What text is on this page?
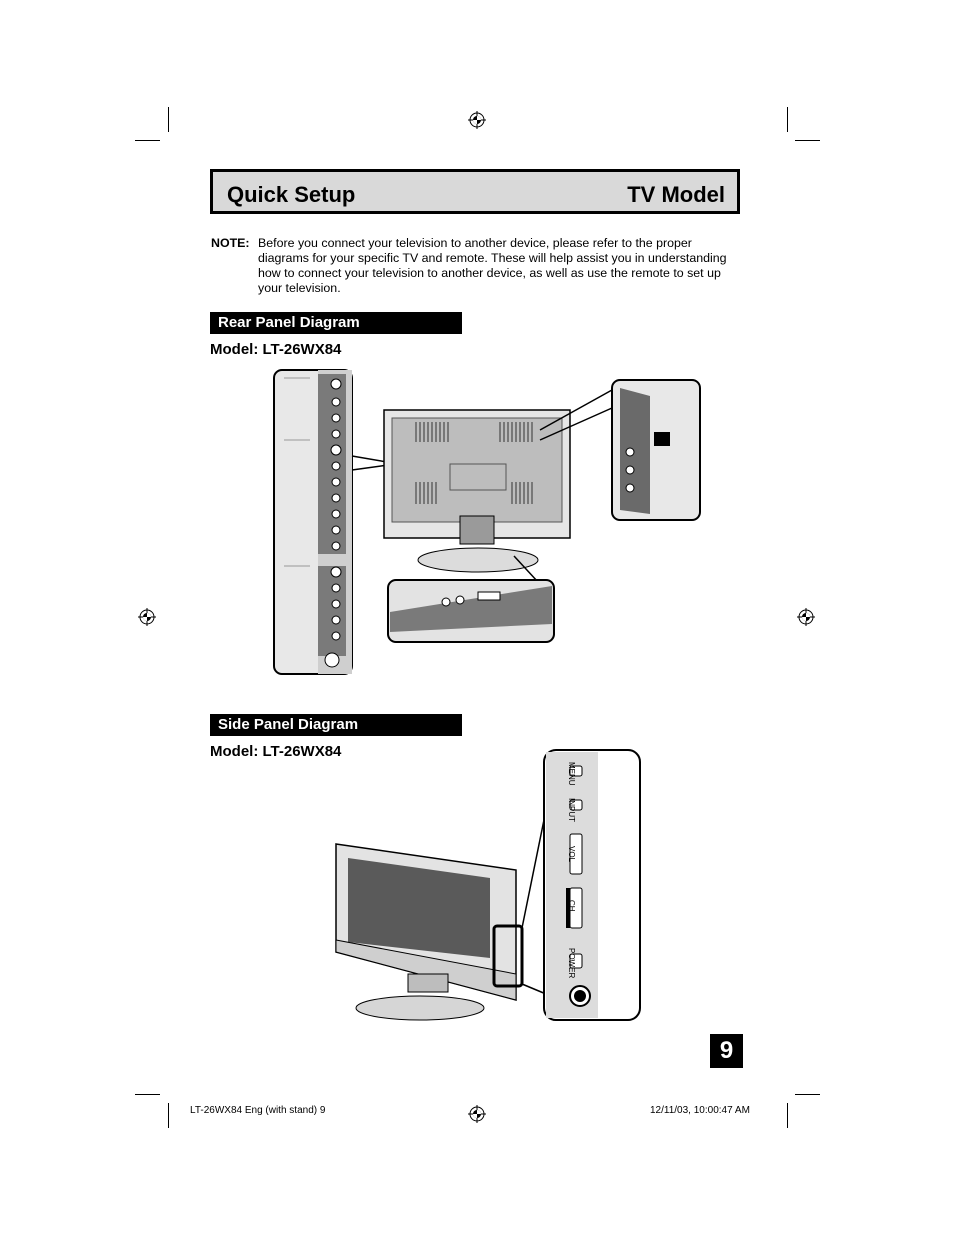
Quick Setup	TV Model
NOTE: Before you connect your television to another device, please refer to the proper diagrams for your specific TV and remote. These will help assist you in understanding how to connect your television to another device, as well as use the remote to set up your television.
Rear Panel Diagram
Model: LT-26WX84
Side Panel Diagram
Model: LT-26WX84
MENU
INPUT
VOL
CH
POWER
9
LT-26WX84 Eng (with stand) 9	12/11/03, 10:00:47 AM
